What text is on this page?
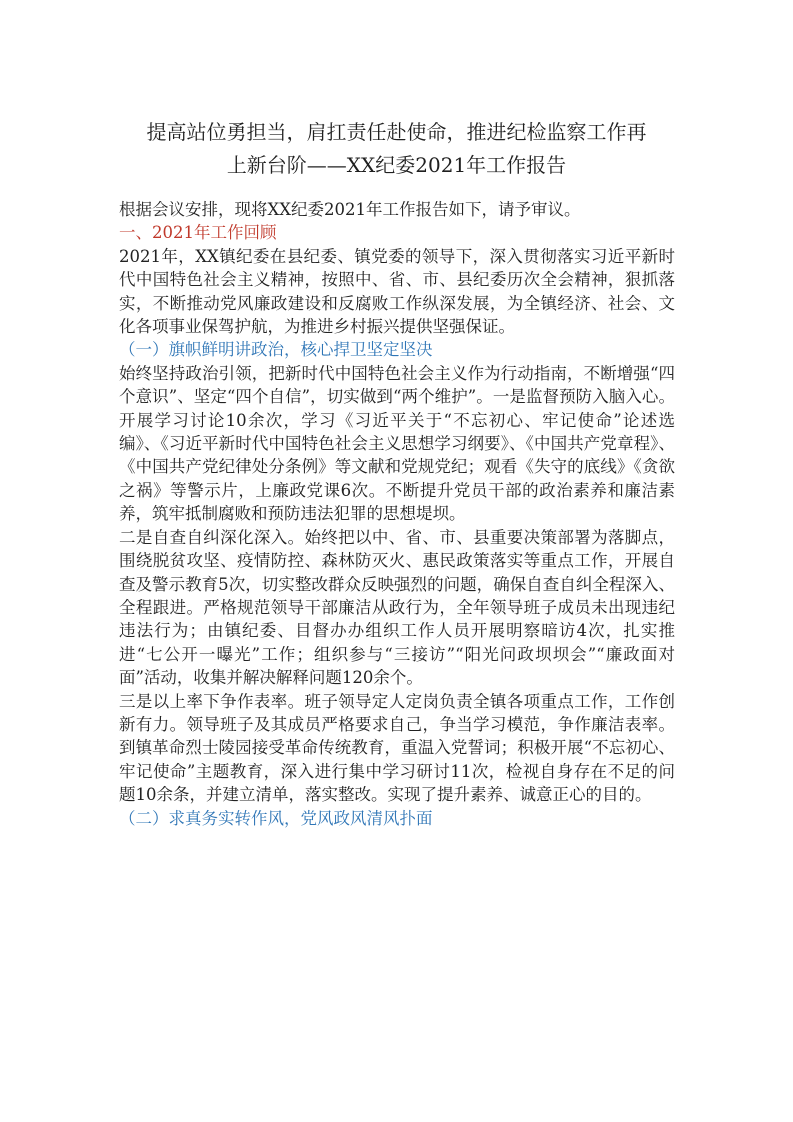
提高站位勇担当，肩扛责任赴使命，推进纪检监察工作再
上新台阶——XX纪委2021年工作报告

根据会议安排，现将XX纪委2021年工作报告如下，请予审议。

一、2021年工作回顾

2021年，XX镇纪委在县纪委、镇党委的领导下，深入贯彻落实习近平新时代中国特色社会主义精神，按照中、省、市、县纪委历次全会精神，狠抓落实，不断推动党风廉政建设和反腐败工作纵深发展，为全镇经济、社会、文化各项事业保驾护航，为推进乡村振兴提供坚强保证。

（一）旗帜鲜明讲政治，核心捍卫坚定坚决

始终坚持政治引领，把新时代中国特色社会主义作为行动指南，不断增强“四个意识”、坚定“四个自信”，切实做到“两个维护”。一是监督预防入脑入心。开展学习讨论10余次，学习《习近平关于“不忘初心、牢记使命”论述选编》、《习近平新时代中国特色社会主义思想学习纲要》、《中国共产党章程》、《中国共产党纪律处分条例》等文献和党规党纪；观看《失守的底线》《贪欲之祸》等警示片，上廉政党课6次。不断提升党员干部的政治素养和廉洁素养，筑牢抵制腐败和预防违法犯罪的思想堤坝。

二是自查自纠深化深入。始终把以中、省、市、县重要决策部署为落脚点，围绕脱贫攻坚、疫情防控、森林防灭火、惠民政策落实等重点工作，开展自查及警示教育5次，切实整改群众反映强烈的问题，确保自查自纠全程深入、全程跟进。严格规范领导干部廉洁从政行为，全年领导班子成员未出现违纪违法行为；由镇纪委、目督办办组织工作人员开展明察暗访4次，扎实推进“七公开一曝光”工作；组织参与“三接访”“阳光问政坝坝会”“廉政面对面”活动，收集并解决解释问题120余个。

三是以上率下争作表率。班子领导定人定岗负责全镇各项重点工作，工作创新有力。领导班子及其成员严格要求自己，争当学习模范，争作廉洁表率。到镇革命烈士陵园接受革命传统教育，重温入党誓词；积极开展“不忘初心、牢记使命”主题教育，深入进行集中学习研讨11次，检视自身存在不足的问题10余条，并建立清单，落实整改。实现了提升素养、诚意正心的目的。

（二）求真务实转作风，党风政风清风扑面
